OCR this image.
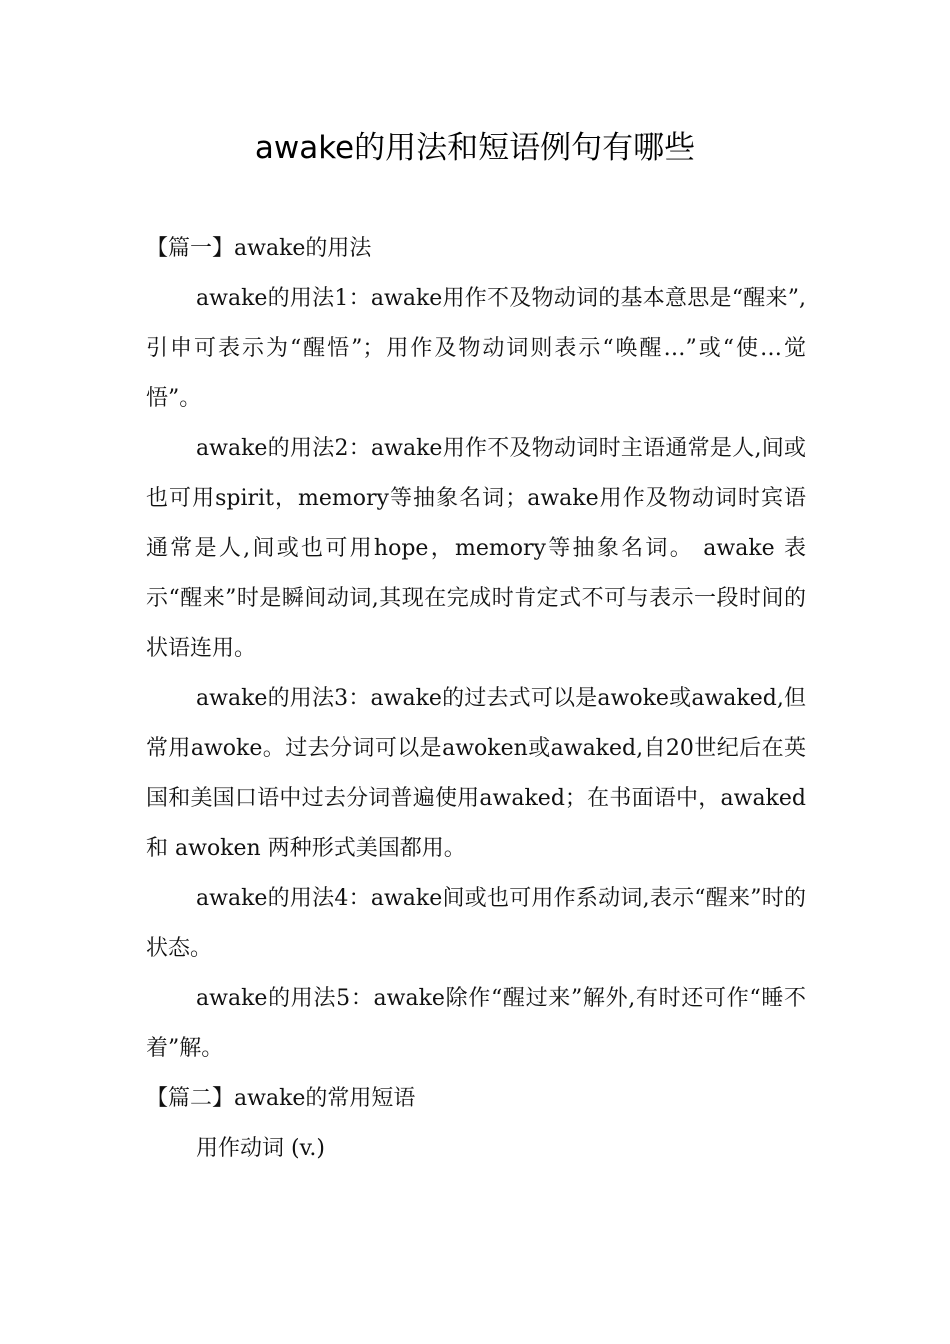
awake的用法和短语例句有哪些

【篇一】awake的用法

awake的用法1：awake用作不及物动词的基本意思是“醒来”,引申可表示为“醒悟”；用作及物动词则表示“唤醒…”或“使…觉悟”。

awake的用法2：awake用作不及物动词时主语通常是人,间或也可用spirit，memory等抽象名词；awake用作及物动词时宾语通常是人,间或也可用hope，memory等抽象名词。 awake 表示“醒来”时是瞬间动词,其现在完成时肯定式不可与表示一段时间的状语连用。

awake的用法3：awake的过去式可以是awoke或awaked,但常用awoke。过去分词可以是awoken或awaked,自20世纪后在英国和美国口语中过去分词普遍使用awaked；在书面语中，awaked 和 awoken 两种形式美国都用。

awake的用法4：awake间或也可用作系动词,表示“醒来”时的状态。

awake的用法5：awake除作“醒过来”解外,有时还可作“睡不着”解。

【篇二】awake的常用短语

用作动词 (v.)
